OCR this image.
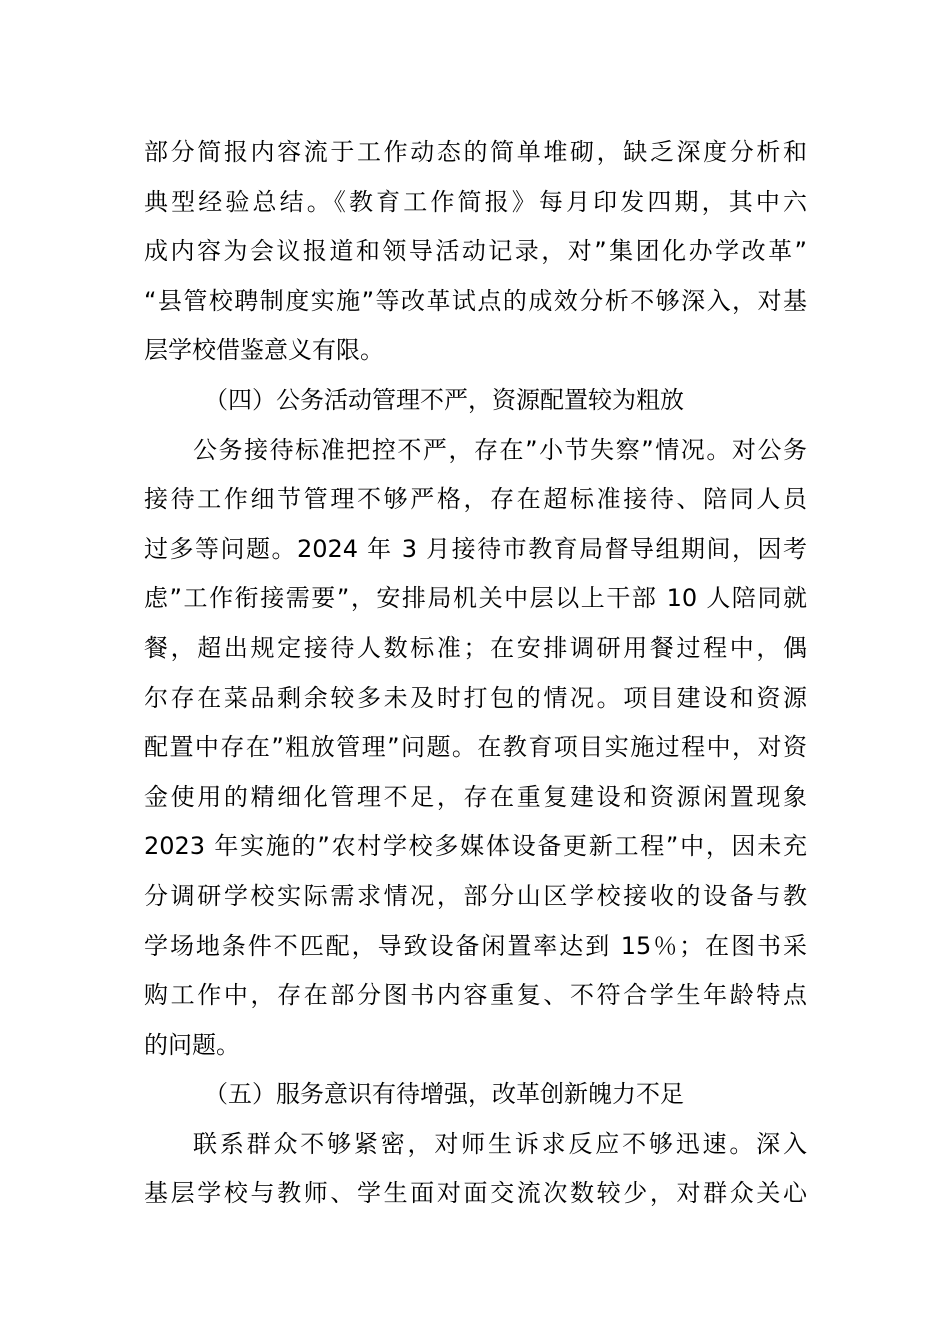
部分简报内容流于工作动态的简单堆砌，缺乏深度分析和
典型经验总结。《教育工作简报》每月印发四期，其中六
成内容为会议报道和领导活动记录，对”集团化办学改革”
“县管校聘制度实施”等改革试点的成效分析不够深入，对基
层学校借鉴意义有限。
（四）公务活动管理不严，资源配置较为粗放
公务接待标准把控不严，存在”小节失察”情况。对公务
接待工作细节管理不够严格，存在超标准接待、陪同人员
过多等问题。2024 年 3 月接待市教育局督导组期间，因考
虑”工作衔接需要”，安排局机关中层以上干部 10 人陪同就
餐，超出规定接待人数标准；在安排调研用餐过程中，偶
尔存在菜品剩余较多未及时打包的情况。项目建设和资源
配置中存在”粗放管理”问题。在教育项目实施过程中，对资
金使用的精细化管理不足，存在重复建设和资源闲置现象
2023 年实施的”农村学校多媒体设备更新工程”中，因未充
分调研学校实际需求情况，部分山区学校接收的设备与教
学场地条件不匹配，导致设备闲置率达到 15％；在图书采
购工作中，存在部分图书内容重复、不符合学生年龄特点
的问题。
（五）服务意识有待增强，改革创新魄力不足
联系群众不够紧密，对师生诉求反应不够迅速。深入
基层学校与教师、学生面对面交流次数较少，对群众关心
